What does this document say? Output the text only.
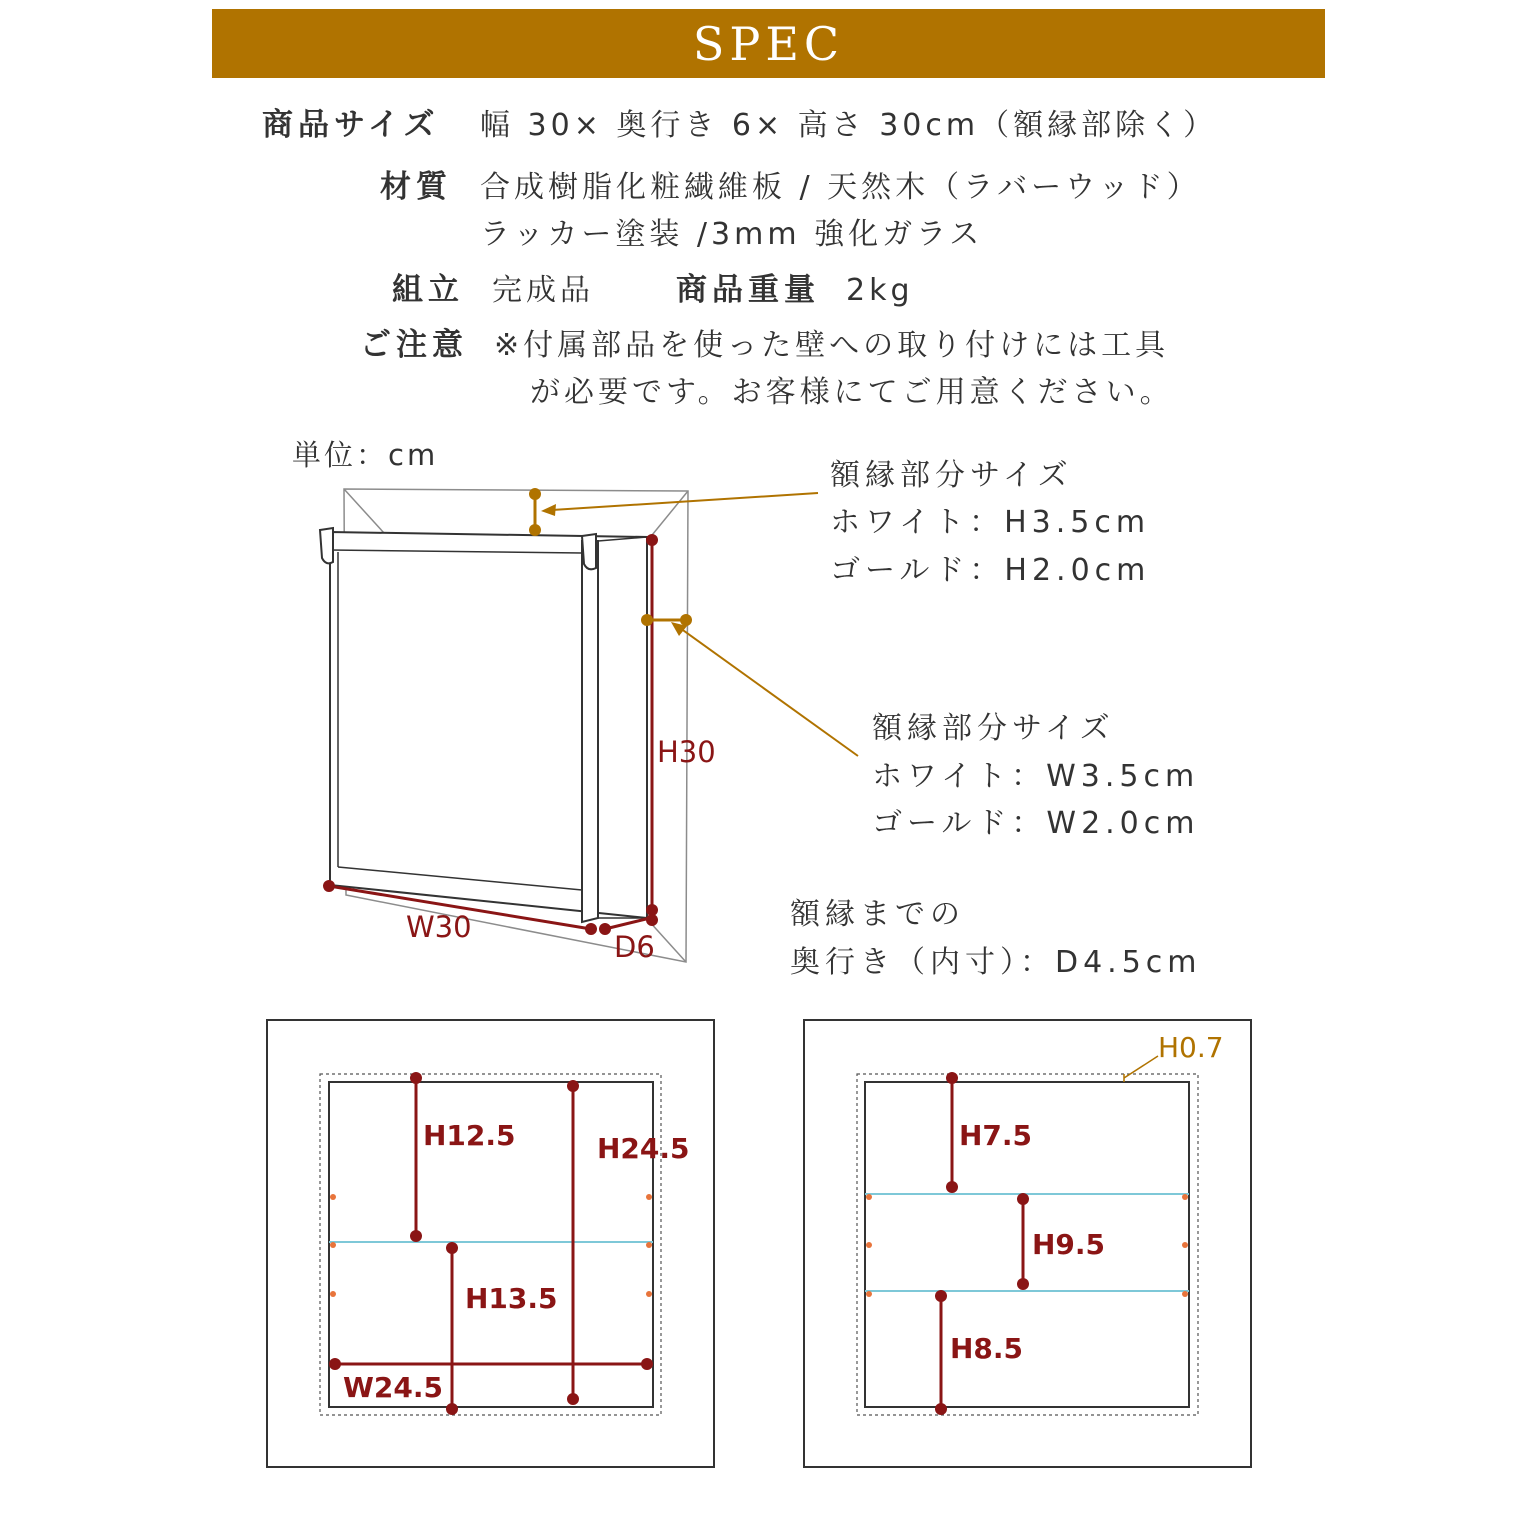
SPEC
商品サイズ 幅 30× 奥行き 6× 高さ 30cm（額縁部除く）
材質 合成樹脂化粧繊維板 / 天然木（ラバーウッド）
ラッカー塗装 /3mm 強化ガラス
組立 完成品	商品重量 2kg
ご注意 ※付属部品を使った壁への取り付けには工具
が必要です。お客様にてご用意ください。
単位：cm
額縁部分サイズ
ホワイト：H3.5cm
ゴールド：H2.0cm
額縁部分サイズ
ホワイト：W3.5cm
ゴールド：W2.0cm
額縁までの
奥行き（内寸）：D4.5cm
H30
W30
D6
H12.5	H24.5
H13.5
W24.5
H0.7
H7.5
H9.5
H8.5
